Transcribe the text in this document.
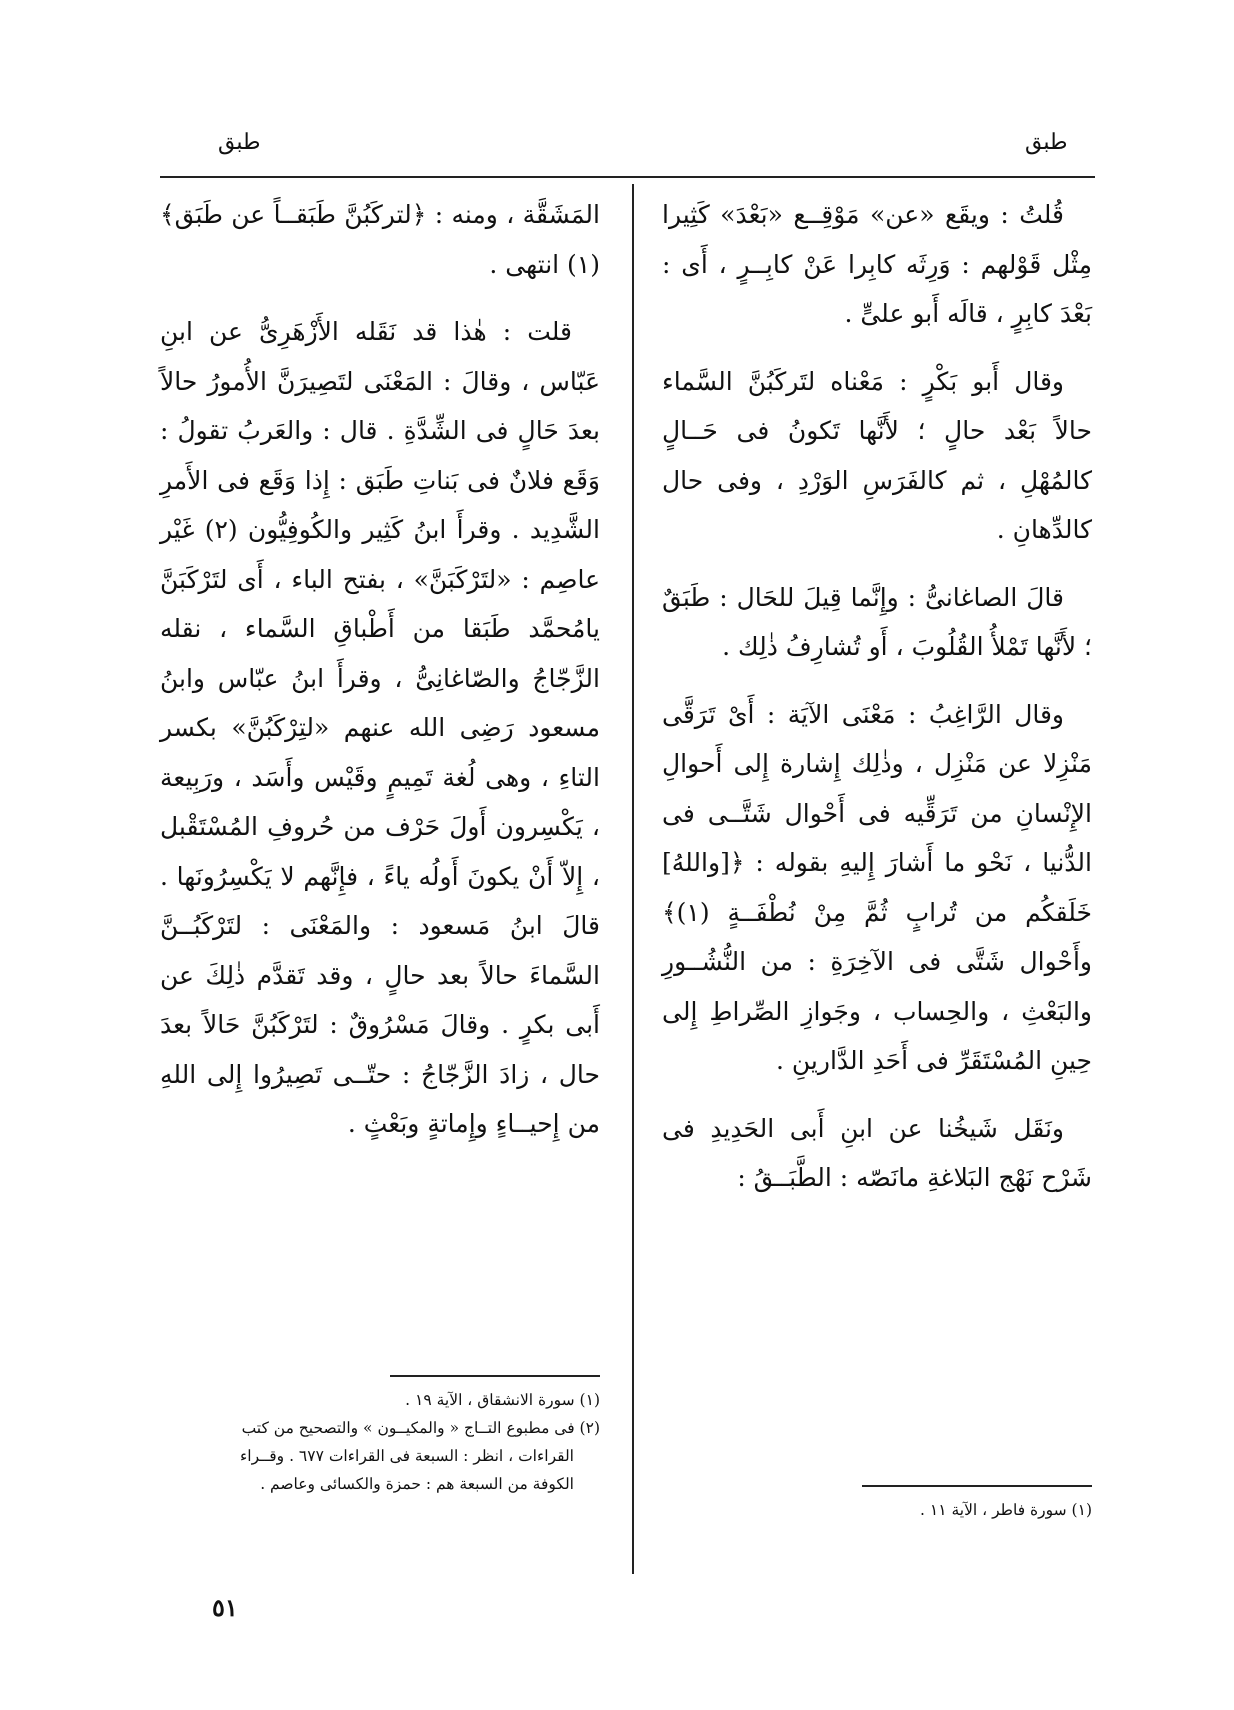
طبق
طبق

قُلتُ : ويقَع «عن» مَوْقِــع «بَعْدَ» كَثِيرا مِثْل قَوْلهم : وَرِثَه كابِرا عَنْ كابِــرٍ ، أَى : بَعْدَ كابِرٍ ، قالَه أَبو علىٍّ .

وقال أَبو بَكْرٍ : مَعْناه لتَركَبُنَّ السَّماء حالاً بَعْد حالٍ ؛ لأَنَّها تَكونُ فى حَــالٍ كالمُهْلِ ، ثم كالفَرَسِ الوَرْدِ ، وفى حال كالدِّهانِ .

قالَ الصاغانىُّ : وإِنَّما قِيلَ للحَال : طَبَقٌ ؛ لأَنَّها تَمْلأُ القُلُوبَ ، أَو تُشارِفُ ذٰلِك .

وقال الرَّاغِبُ : مَعْنَى الآيَة : أَىْ تَرَقَّى مَنْزِلا عن مَنْزِل ، وذٰلِك إِشارة إِلى أَحوالِ الإِنْسانِ من تَرَقِّيه فى أَحْوال شَتَّــى فى الدُّنيا ، نَحْو ما أَشارَ إِليهِ بقوله : ﴿[واللهُ] خَلَقكُم من تُرابٍ ثُمَّ مِنْ نُطْفَــةٍ (١)﴾ وأَحْوال شَتَّى فى الآخِرَةِ : من النُّشُــورِ والبَعْثِ ، والحِساب ، وجَوازِ الصِّراطِ إِلى حِينِ المُسْتَقَرِّ فى أَحَدِ الدَّارينِ .

ونَقَل شَيخُنا عن ابنِ أَبى الحَدِيدِ فى شَرْح نَهْج البَلاغةِ مانَصّه : الطَّبَــقُ :

المَشَقَّة ، ومنه : ﴿لتركَبُنَّ طَبَقــاً عن طَبَق﴾ (١) انتهى .

قلت : هٰذا قد نَقَله الأَزْهَرِىُّ عن ابنِ عَبّاس ، وقالَ : المَعْنَى لتَصِيرَنَّ الأُمورُ حالاً بعدَ حَالٍ فى الشِّدَّةِ . قال : والعَربُ تقولُ : وَقَع فلانٌ فى بَناتِ طَبَق : إِذا وَقَع فى الأَمرِ الشَّدِيد . وقرأَ ابنُ كَثِير والكُوفِيُّون (٢) غَيْر عاصِم : «لتَرْكَبَنَّ» ، بفتح الباء ، أَى لتَرْكَبَنَّ يامُحمَّد طَبَقا من أَطْباقِ السَّماء ، نقله الزَّجّاجُ والصّاغانِىُّ ، وقرأَ ابنُ عبّاس وابنُ مسعود رَضِى الله عنهم «لتِرْكَبُنَّ» بكسر التاءِ ، وهى لُغة تَمِيمٍ وقَيْس وأَسَد ، ورَبِيعة ، يَكْسِرون أَولَ حَرْف من حُروفِ المُسْتَقْبل ، إِلاّ أَنْ يكونَ أَولُه ياءً ، فإِنَّهم لا يَكْسِرُونَها . قالَ ابنُ مَسعود : والمَعْنَى : لتَرْكَبُــنَّ السَّماءَ حالاً بعد حالٍ ، وقد تَقدَّم ذٰلِكَ عن أَبى بكرٍ . وقالَ مَسْرُوقٌ : لتَرْكَبُنَّ حَالاً بعدَ حال ، زادَ الزَّجّاجُ : حتّــى تَصِيرُوا إِلى اللهِ من إِحيــاءٍ وإِماتةٍ وبَعْثٍ .

(١) سورة فاطر ، الآية ١١ .
(١) سورة الانشقاق ، الآية ١٩ .
(٢) فى مطبوع التــاج « والمكيــون » والتصحيح من كتب
القراءات ، انظر : السبعة فى القراءات ٦٧٧ . وقــراء
الكوفة من السبعة هم : حمزة والكسائى وعاصم .
٥١
